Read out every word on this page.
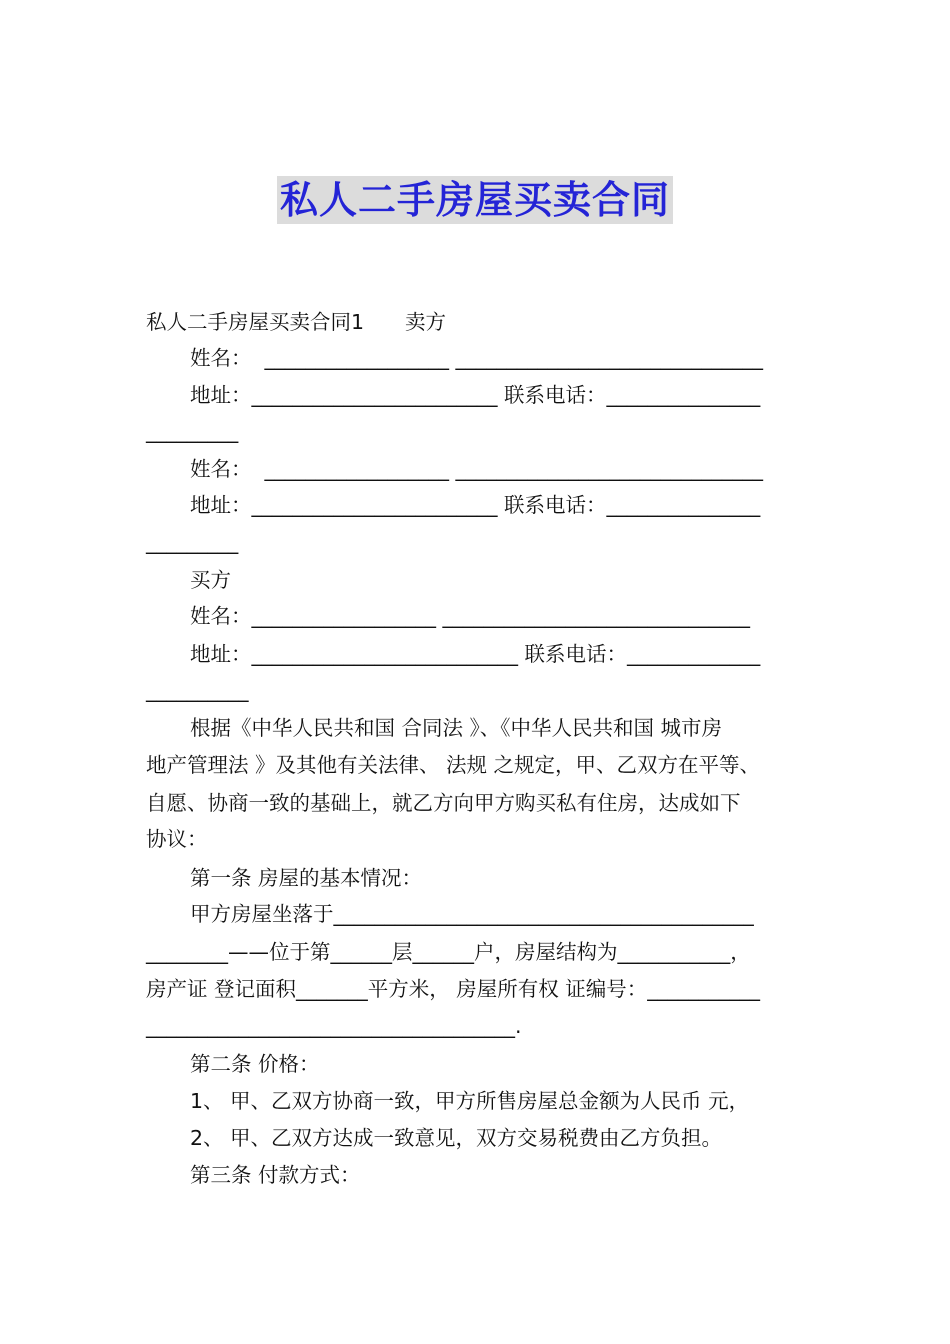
私人二手房屋买卖合同
私人二手房屋买卖合同1　　卖方
姓名：  __________________ ______________________________
地址：________________________ 联系电话：_______________
_________
姓名：  __________________ ______________________________
地址：________________________ 联系电话：_______________
_________
买方
姓名：__________________ ______________________________
地址：__________________________ 联系电话：_____________
__________
根据《中华人民共和国 合同法 》、《中华人民共和国 城市房
地产管理法 》及其他有关法律、 法规 之规定，甲、乙双方在平等、
自愿、协商一致的基础上，就乙方向甲方购买私有住房，达成如下
协议：
第一条 房屋的基本情况：
甲方房屋坐落于_________________________________________
________——位于第______层______户，房屋结构为___________，
房产证 登记面积_______平方米， 房屋所有权 证编号：___________
____________________________________.
第二条 价格：
1、 甲、乙双方协商一致，甲方所售房屋总金额为人民币 元，
2、 甲、乙双方达成一致意见，双方交易税费由乙方负担。
第三条 付款方式：
